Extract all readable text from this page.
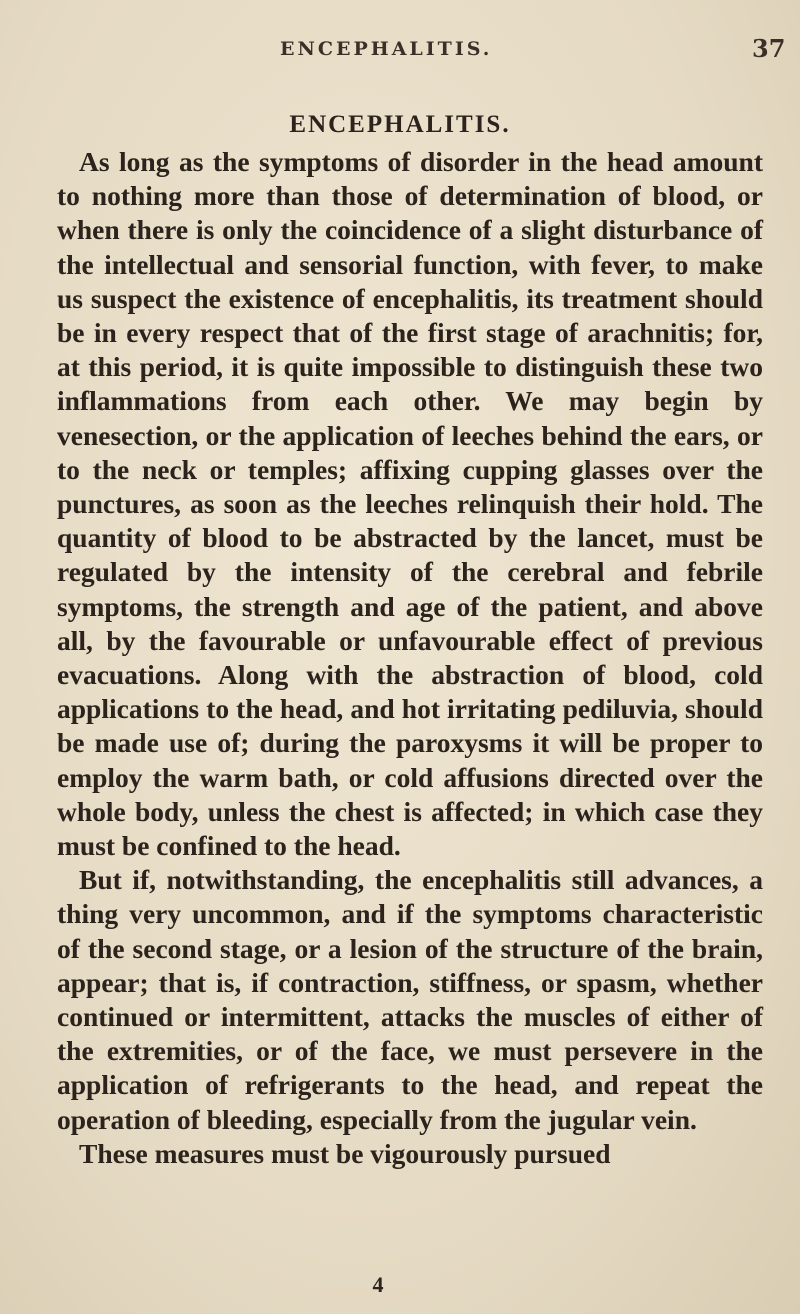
ENCEPHALITIS.	37
ENCEPHALITIS.

As long as the symptoms of disorder in the head amount to nothing more than those of determination of blood, or when there is only the coincidence of a slight disturbance of the intellectual and sensorial function, with fever, to make us suspect the existence of encephalitis, its treatment should be in every respect that of the first stage of arachnitis; for, at this period, it is quite impossible to distinguish these two inflammations from each other. We may begin by venesection, or the application of leeches behind the ears, or to the neck or temples; affixing cupping glasses over the punctures, as soon as the leeches relinquish their hold. The quantity of blood to be abstracted by the lancet, must be regulated by the intensity of the cerebral and febrile symptoms, the strength and age of the patient, and above all, by the favourable or unfavourable effect of previous evacuations. Along with the abstraction of blood, cold applications to the head, and hot irritating pediluvia, should be made use of; during the paroxysms it will be proper to employ the warm bath, or cold affusions directed over the whole body, unless the chest is affected; in which case they must be confined to the head.

But if, notwithstanding, the encephalitis still advances, a thing very uncommon, and if the symptoms characteristic of the second stage, or a lesion of the structure of the brain, appear; that is, if contraction, stiffness, or spasm, whether continued or intermittent, attacks the muscles of either of the extremities, or of the face, we must persevere in the application of refrigerants to the head, and repeat the operation of bleeding, especially from the jugular vein.

These measures must be vigourously pursued

4
